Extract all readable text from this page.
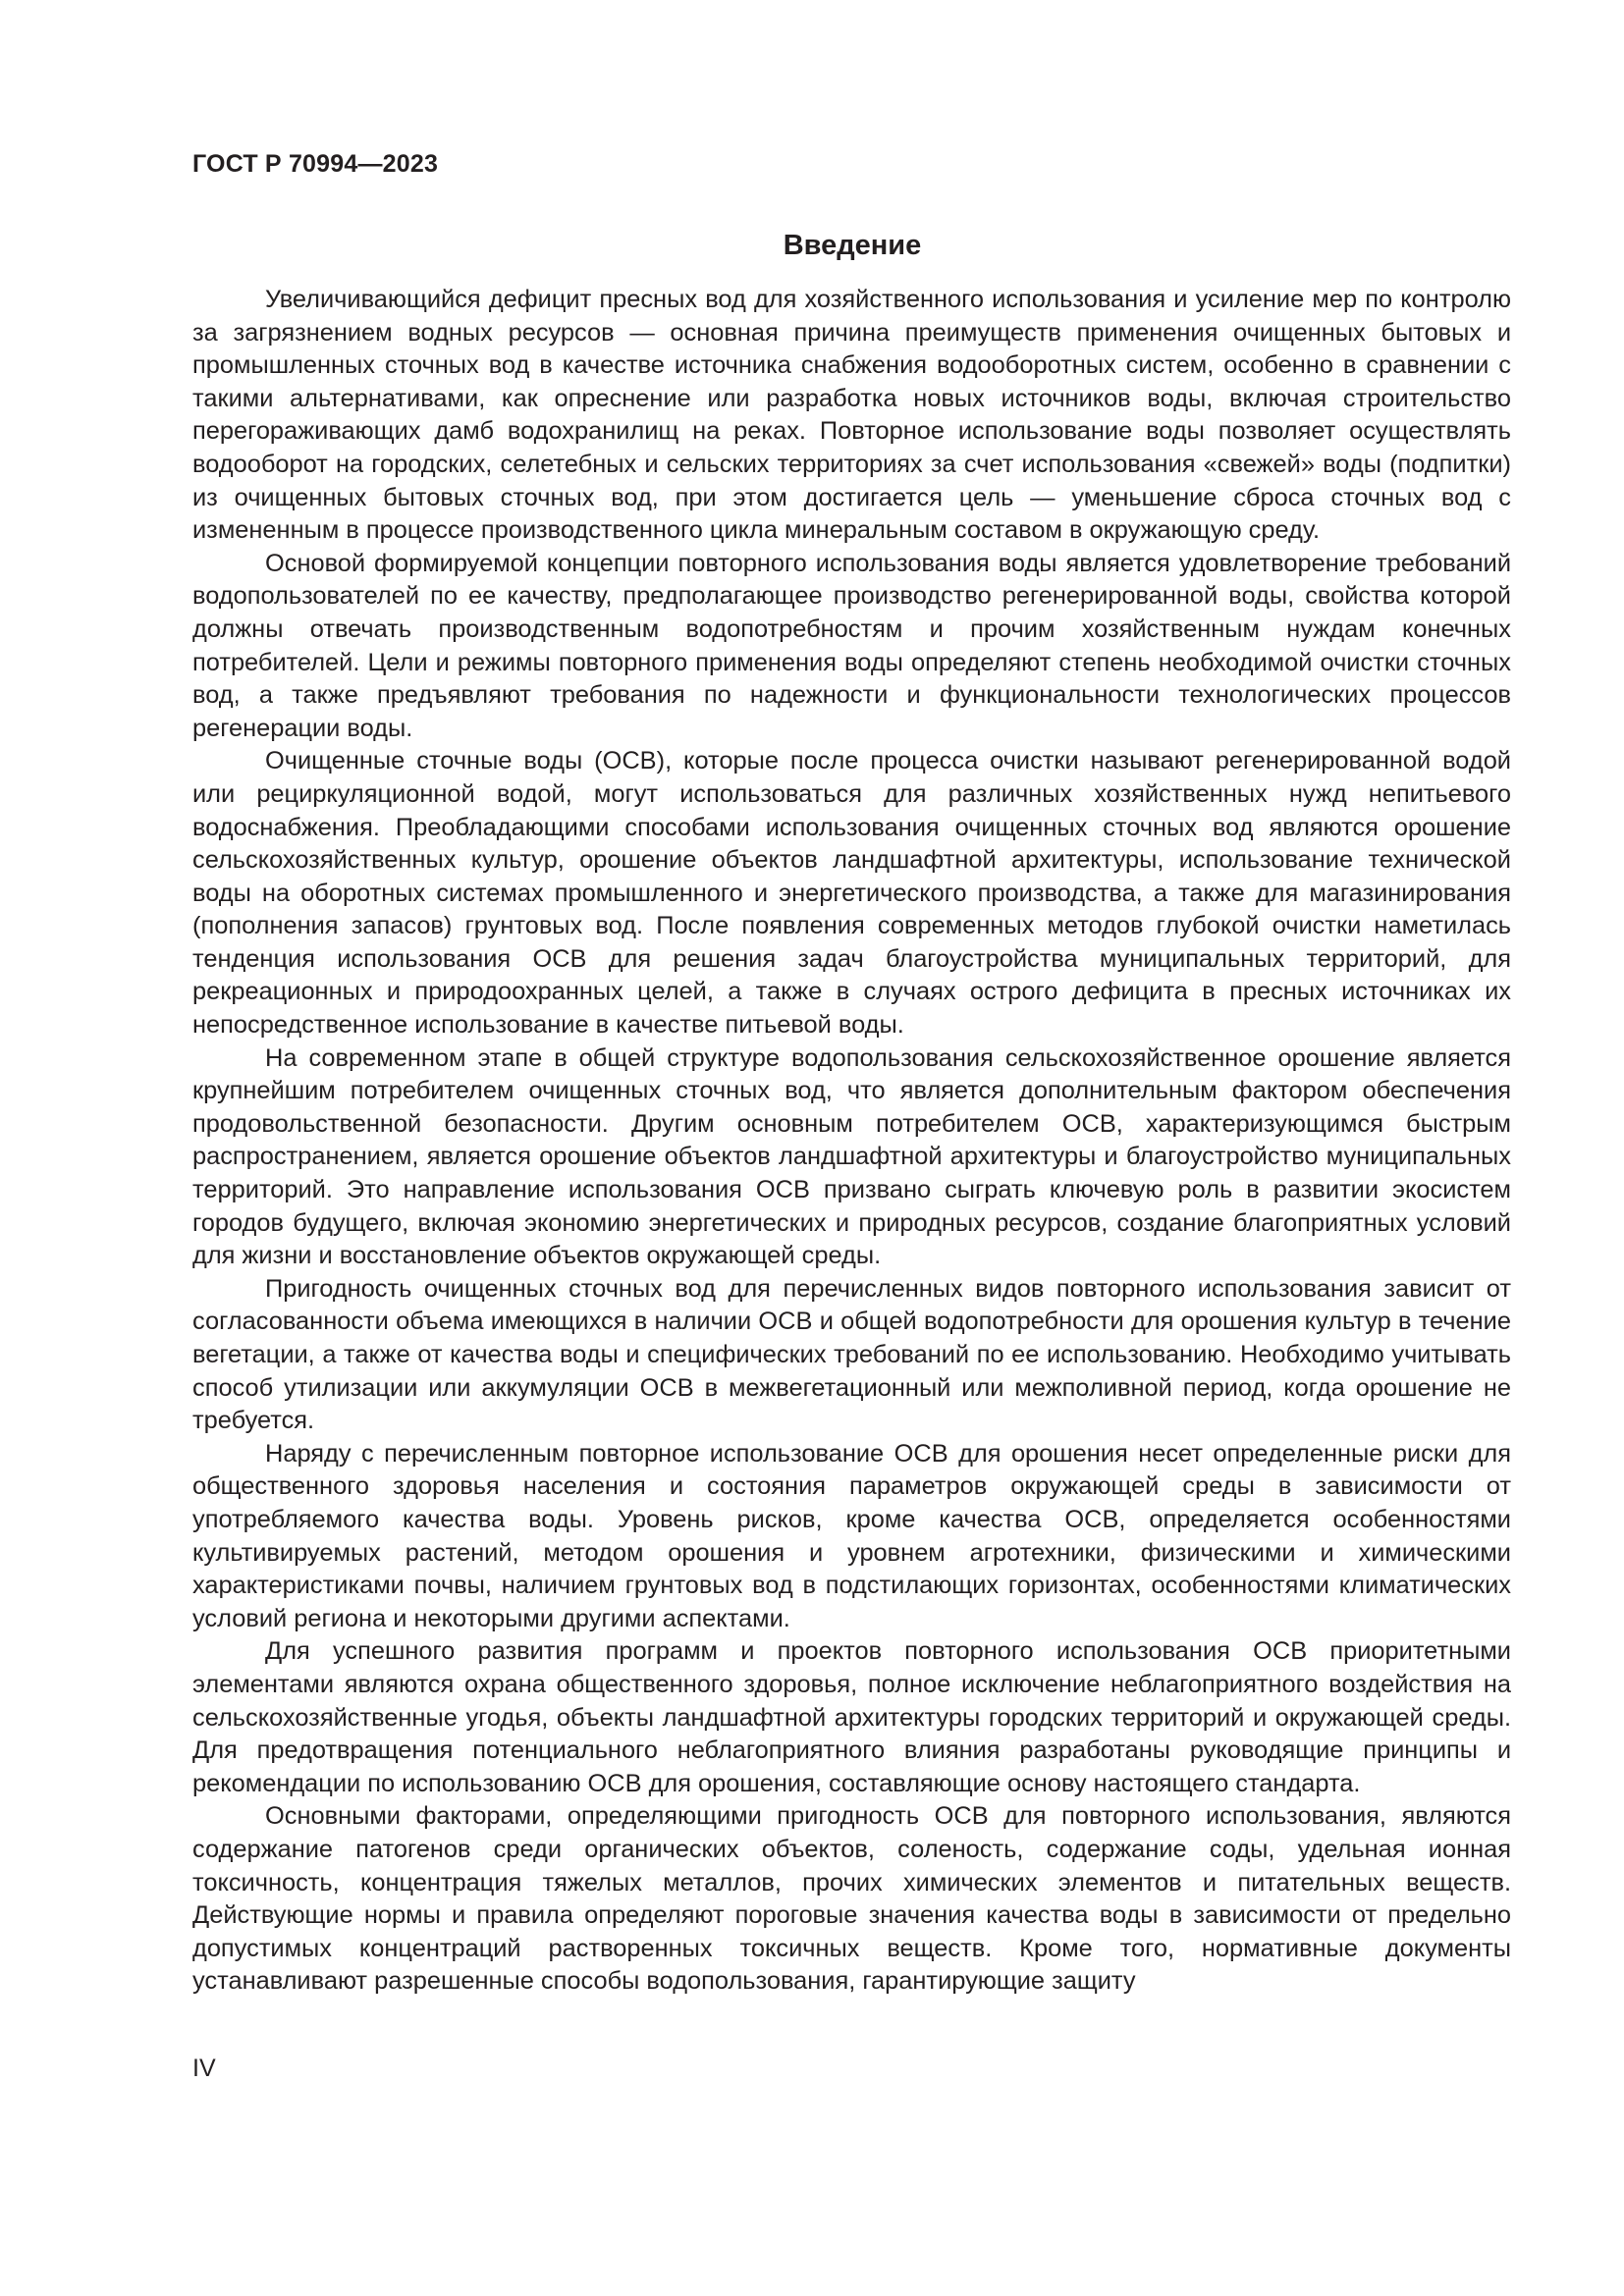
ГОСТ Р 70994—2023
Введение

Увеличивающийся дефицит пресных вод для хозяйственного использования и усиление мер по контролю за загрязнением водных ресурсов — основная причина преимуществ применения очищенных бытовых и промышленных сточных вод в качестве источника снабжения водооборотных систем, особенно в сравнении с такими альтернативами, как опреснение или разработка новых источников воды, включая строительство перегораживающих дамб водохранилищ на реках. Повторное использование воды позволяет осуществлять водооборот на городских, селетебных и сельских территориях за счет использования «свежей» воды (подпитки) из очищенных бытовых сточных вод, при этом достигается цель — уменьшение сброса сточных вод с измененным в процессе производственного цикла минеральным составом в окружающую среду.

Основой формируемой концепции повторного использования воды является удовлетворение требований водопользователей по ее качеству, предполагающее производство регенерированной воды, свойства которой должны отвечать производственным водопотребностям и прочим хозяйственным нуждам конечных потребителей. Цели и режимы повторного применения воды определяют степень необходимой очистки сточных вод, а также предъявляют требования по надежности и функциональности технологических процессов регенерации воды.

Очищенные сточные воды (ОСВ), которые после процесса очистки называют регенерированной водой или рециркуляционной водой, могут использоваться для различных хозяйственных нужд непитьевого водоснабжения. Преобладающими способами использования очищенных сточных вод являются орошение сельскохозяйственных культур, орошение объектов ландшафтной архитектуры, использование технической воды на оборотных системах промышленного и энергетического производства, а также для магазинирования (пополнения запасов) грунтовых вод. После появления современных методов глубокой очистки наметилась тенденция использования ОСВ для решения задач благоустройства муниципальных территорий, для рекреационных и природоохранных целей, а также в случаях острого дефицита в пресных источниках их непосредственное использование в качестве питьевой воды.

На современном этапе в общей структуре водопользования сельскохозяйственное орошение является крупнейшим потребителем очищенных сточных вод, что является дополнительным фактором обеспечения продовольственной безопасности. Другим основным потребителем ОСВ, характеризующимся быстрым распространением, является орошение объектов ландшафтной архитектуры и благоустройство муниципальных территорий. Это направление использования ОСВ призвано сыграть ключевую роль в развитии экосистем городов будущего, включая экономию энергетических и природных ресурсов, создание благоприятных условий для жизни и восстановление объектов окружающей среды.

Пригодность очищенных сточных вод для перечисленных видов повторного использования зависит от согласованности объема имеющихся в наличии ОСВ и общей водопотребности для орошения культур в течение вегетации, а также от качества воды и специфических требований по ее использованию. Необходимо учитывать способ утилизации или аккумуляции ОСВ в межвегетационный или межполивной период, когда орошение не требуется.

Наряду с перечисленным повторное использование ОСВ для орошения несет определенные риски для общественного здоровья населения и состояния параметров окружающей среды в зависимости от употребляемого качества воды. Уровень рисков, кроме качества ОСВ, определяется особенностями культивируемых растений, методом орошения и уровнем агротехники, физическими и химическими характеристиками почвы, наличием грунтовых вод в подстилающих горизонтах, особенностями климатических условий региона и некоторыми другими аспектами.

Для успешного развития программ и проектов повторного использования ОСВ приоритетными элементами являются охрана общественного здоровья, полное исключение неблагоприятного воздействия на сельскохозяйственные угодья, объекты ландшафтной архитектуры городских территорий и окружающей среды. Для предотвращения потенциального неблагоприятного влияния разработаны руководящие принципы и рекомендации по использованию ОСВ для орошения, составляющие основу настоящего стандарта.

Основными факторами, определяющими пригодность ОСВ для повторного использования, являются содержание патогенов среди органических объектов, соленость, содержание соды, удельная ионная токсичность, концентрация тяжелых металлов, прочих химических элементов и питательных веществ. Действующие нормы и правила определяют пороговые значения качества воды в зависимости от предельно допустимых концентраций растворенных токсичных веществ. Кроме того, нормативные документы устанавливают разрешенные способы водопользования, гарантирующие защиту

IV
